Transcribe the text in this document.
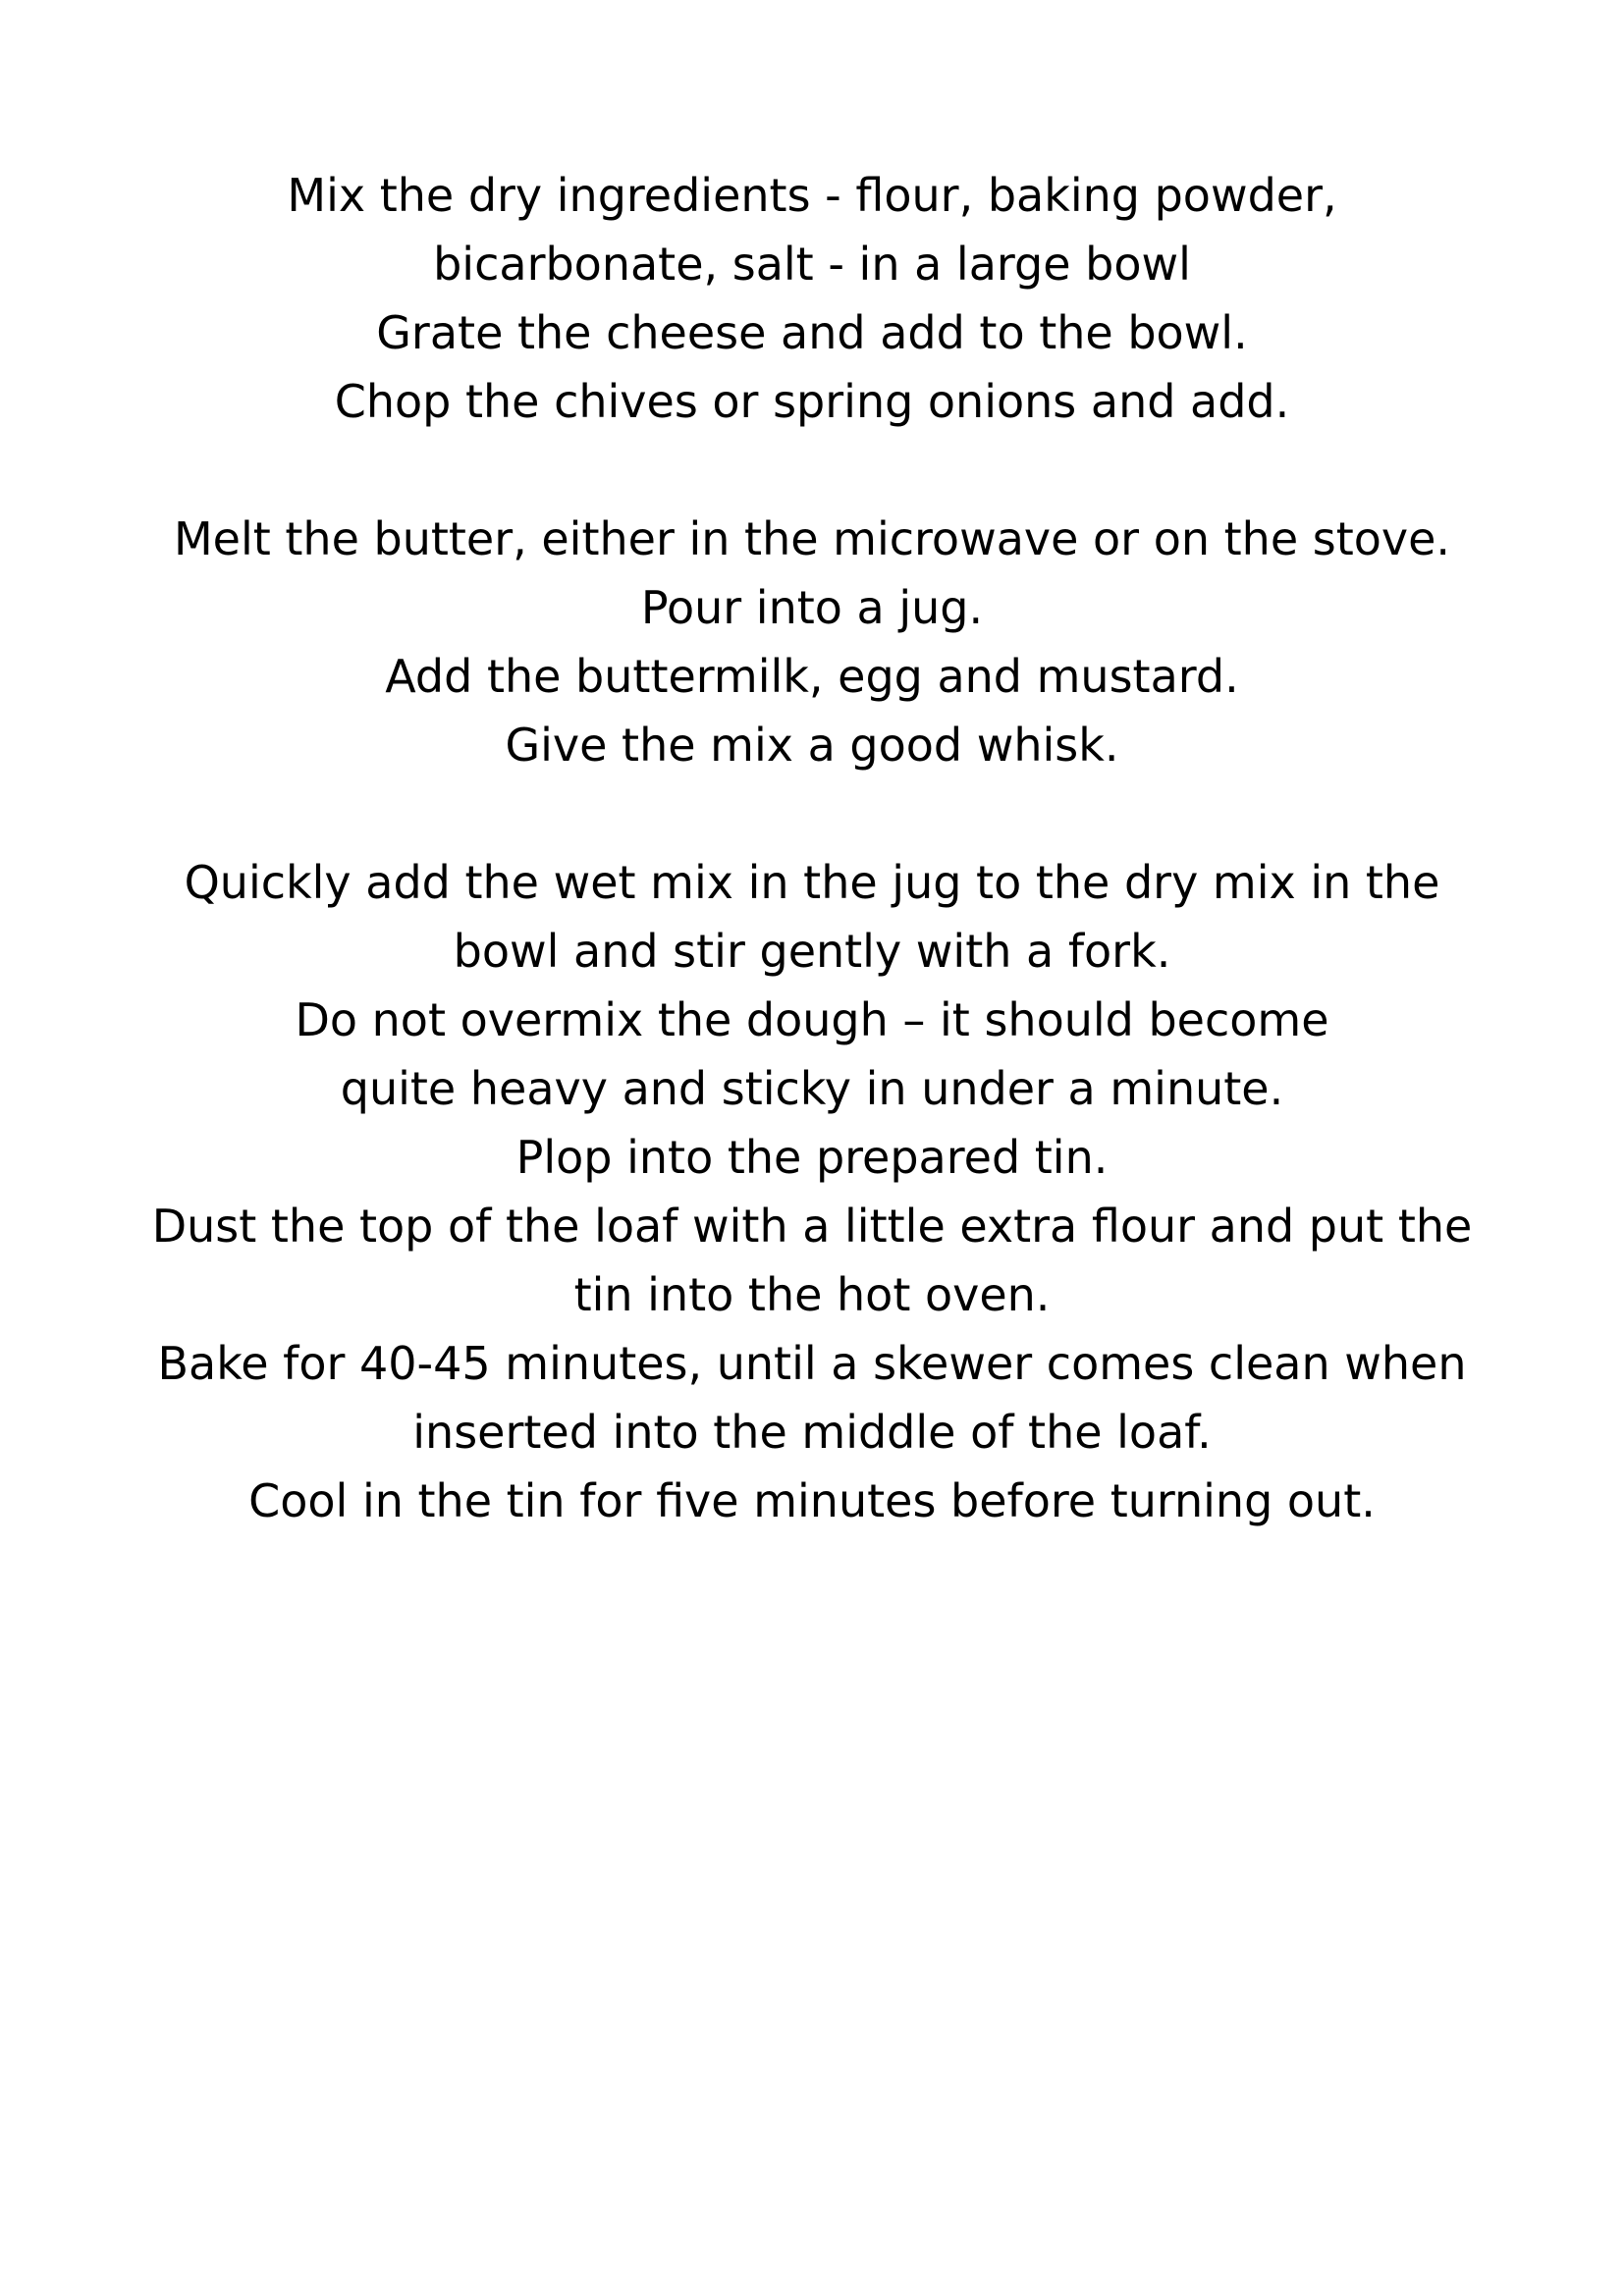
Mix the dry ingredients - flour, baking powder,
bicarbonate, salt - in a large bowl
Grate the cheese and add to the bowl.
Chop the chives or spring onions and add.
Melt the butter, either in the microwave or on the stove.
Pour into a jug.
Add the buttermilk, egg and mustard.
Give the mix a good whisk.
Quickly add the wet mix in the jug to the dry mix in the
bowl and stir gently with a fork.
Do not overmix the dough – it should become
quite heavy and sticky in under a minute.
Plop into the prepared tin.
Dust the top of the loaf with a little extra flour and put the
tin into the hot oven.
Bake for 40-45 minutes, until a skewer comes clean when
inserted into the middle of the loaf.
Cool in the tin for five minutes before turning out.
